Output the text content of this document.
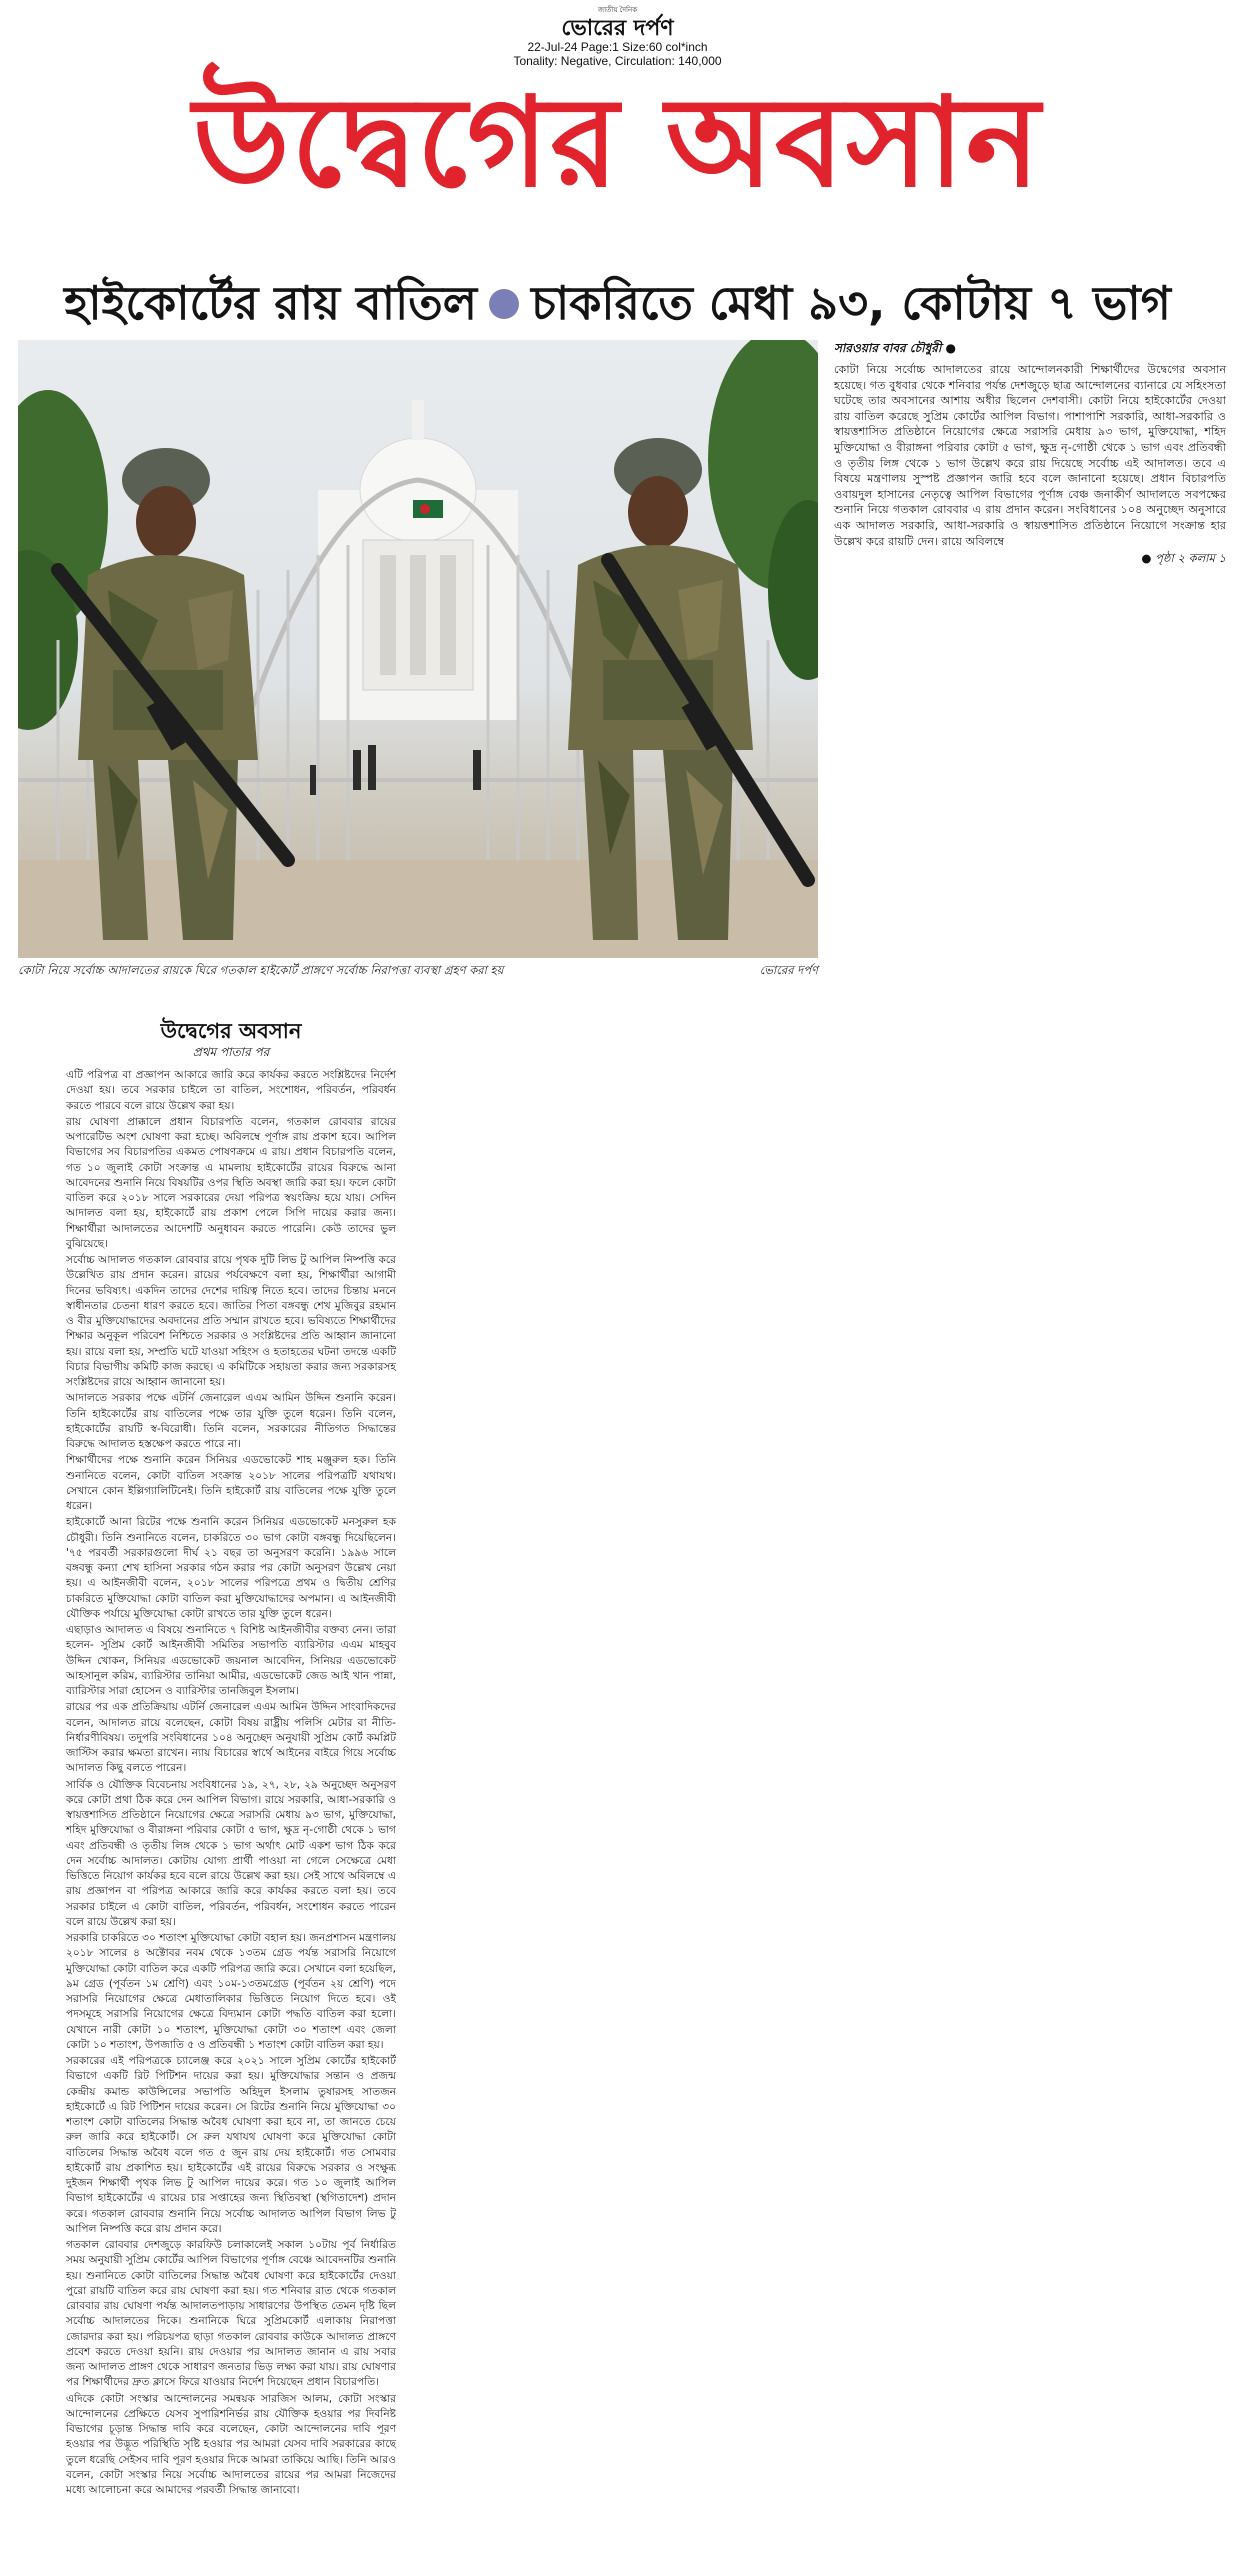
জাতীয় দৈনিক
ভোরের দর্পণ
22-Jul-24 Page:1 Size:60 col*inch
Tonality: Negative, Circulation: 140,000
উদ্বেগের অবসান
হাইকোর্টের রায় বাতিল চাকরিতে মেধা ৯৩, কোটায় ৭ ভাগ
কোটা নিয়ে সর্বোচ্চ আদালতের রায়কে ঘিরে গতকাল হাইকোর্ট প্রাঙ্গণে সর্বোচ্চ নিরাপত্তা ব্যবস্থা গ্রহণ করা হয়	ভোরের দর্পণ
সারওয়ার বাবর চৌধুরী ●
কোটা নিয়ে সর্বোচ্চ আদালতের রায়ে আন্দোলনকারী শিক্ষার্থীদের উদ্বেগের অবসান হয়েছে। গত বুধবার থেকে শনিবার পর্যন্ত দেশজুড়ে ছাত্র আন্দোলনের ব্যানারে যে সহিংসতা ঘটেছে তার অবসানের আশায় অধীর ছিলেন দেশবাসী। কোটা নিয়ে হাইকোর্টের দেওয়া রায় বাতিল করেছে সুপ্রিম কোর্টের আপিল বিভাগ। পাশাপাশি সরকারি, আধা-সরকারি ও স্বায়ত্তশাসিত প্রতিষ্ঠানে নিয়োগের ক্ষেত্রে সরাসরি মেধায় ৯৩ ভাগ, মুক্তিযোদ্ধা, শহিদ মুক্তিযোদ্ধা ও বীরাঙ্গনা পরিবার কোটা ৫ ভাগ, ক্ষুদ্র নৃ-গোষ্ঠী থেকে ১ ভাগ এবং প্রতিবন্ধী ও তৃতীয় লিঙ্গ থেকে ১ ভাগ উল্লেখ করে রায় দিয়েছে সর্বোচ্চ এই আদালত। তবে এ বিষয়ে মন্ত্রণালয় সুস্পষ্ট প্রজ্ঞাপন জারি হবে বলে জানানো হয়েছে। প্রধান বিচারপতি ওবায়দুল হাসানের নেতৃত্বে আপিল বিভাগের পূর্ণাঙ্গ বেঞ্চ জনাকীর্ণ আদালতে সবপক্ষের শুনানি নিয়ে গতকাল রোববার এ রায় প্রদান করেন। সংবিধানের ১০৪ অনুচ্ছেদ অনুসারে এক আদালত সরকারি, আধা-সরকারি ও স্বায়ত্তশাসিত প্রতিষ্ঠানে নিয়োগে সংক্রান্ত হার উল্লেখ করে রায়টি দেন। রায়ে অবিলম্বে
● পৃষ্ঠা ২ কলাম ১
উদ্বেগের অবসান
প্রথম পাতার পর
এটি পরিপত্র বা প্রজ্ঞাপন আকারে জারি করে কার্যকর করতে সংশ্লিষ্টদের নির্দেশ দেওয়া হয়। তবে সরকার চাইলে তা বাতিল, সংশোধন, পরিবর্তন, পরিবর্ধন করতে পারবে বলে রায়ে উল্লেখ করা হয়।
রায় ঘোষণা প্রাক্কালে প্রধান বিচারপতি বলেন, গতকাল রোববার রায়ের অপারেটিভ অংশ ঘোষণা করা হচ্ছে। অবিলম্বে পূর্ণাঙ্গ রায় প্রকাশ হবে। আপিল বিভাগের সব বিচারপতির একমত পোষণক্রমে এ রায়। প্রধান বিচারপতি বলেন, গত ১০ জুলাই কোটা সংক্রান্ত এ মামলায় হাইকোর্টের রায়ের বিরুদ্ধে আনা আবেদনের শুনানি নিয়ে বিষয়টির ওপর স্থিতি অবস্থা জারি করা হয়। ফলে কোটা বাতিল করে ২০১৮ সালে সরকারের দেয়া পরিপত্র স্বয়ংক্রিয় হয়ে যায়। সেদিন আদালত বলা হয়, হাইকোর্টে রায় প্রকাশ পেলে সিপি দায়ের করার জন্য। শিক্ষার্থীরা আদালতের আদেশটি অনুধাবন করতে পারেনি। কেউ তাদের ভুল বুঝিয়েছে।
সর্বোচ্চ আদালত গতকাল রোববার রায়ে পৃথক দুটি লিভ টু আপিল নিষ্পত্তি করে উল্লেখিত রায় প্রদান করেন। রায়ের পর্যবেক্ষণে বলা হয়, শিক্ষার্থীরা আগামী দিনের ভবিষ্যৎ। একদিন তাদের দেশের দায়িত্ব নিতে হবে। তাদের চিন্তায় মননে স্বাধীনতার চেতনা ধারণ করতে হবে। জাতির পিতা বঙ্গবন্ধু শেখ মুজিবুর রহমান ও বীর মুক্তিযোদ্ধাদের অবদানের প্রতি সম্মান রাখতে হবে। ভবিষ্যতে শিক্ষার্থীদের শিক্ষার অনুকূল পরিবেশ নিশ্চিতে সরকার ও সংশ্লিষ্টদের প্রতি আহ্বান জানানো হয়। রায়ে বলা হয়, সম্প্রতি ঘটে যাওয়া সহিংস ও হতাহতের ঘটনা তদন্তে একটি বিচার বিভাগীয় কমিটি কাজ করছে। এ কমিটিকে সহায়তা করার জন্য সরকারসহ সংশ্লিষ্টদের রায়ে আহ্বান জানানো হয়।
আদালতে সরকার পক্ষে এটর্নি জেনারেল এএম আমিন উদ্দিন শুনানি করেন। তিনি হাইকোর্টের রায় বাতিলের পক্ষে তার যুক্তি তুলে ধরেন। তিনি বলেন, হাইকোর্টের রায়টি স্ব-বিরোধী। তিনি বলেন, সরকারের নীতিগত সিদ্ধান্তের বিরুদ্ধে আদালত হস্তক্ষেপ করতে পারে না।
শিক্ষার্থীদের পক্ষে শুনানি করেন সিনিয়র এডভোকেট শাহ মঞ্জুরুল হক। তিনি শুনানিতে বলেন, কোটা বাতিল সংক্রান্ত ২০১৮ সালের পরিপত্রটি যথাযথ। সেখানে কোন ইল্লিগ্যালিটিনেই। তিনি হাইকোর্ট রায় বাতিলের পক্ষে যুক্তি তুলে ধরেন।
হাইকোর্টে আনা রিটের পক্ষে শুনানি করেন সিনিয়র এডভোকেট মনসুরুল হক চৌধুরী। তিনি শুনানিতে বলেন, চাকরিতে ৩০ ভাগ কোটা বঙ্গবন্ধু দিয়েছিলেন। '৭৫ পরবর্তী সরকারগুলো দীর্ঘ ২১ বছর তা অনুসরণ করেনি। ১৯৯৬ সালে বঙ্গবন্ধু কন্যা শেখ হাসিনা সরকার গঠন করার পর কোটা অনুসরণ উল্লেখ নেয়া হয়। এ আইনজীবী বলেন, ২০১৮ সালের পরিপত্রে প্রথম ও দ্বিতীয় শ্রেণির চাকরিতে মুক্তিযোদ্ধা কোটা বাতিল করা মুক্তিযোদ্ধাদের অপমান। এ আইনজীবী যৌক্তিক পর্যায়ে মুক্তিযোদ্ধা কোটা রাখতে তার যুক্তি তুলে ধরেন।
এছাড়াও আদালত এ বিষয়ে শুনানিতে ৭ বিশিষ্ট আইনজীবীর বক্তব্য নেন। তারা হলেন- সুপ্রিম কোর্ট আইনজীবী সমিতির সভাপতি ব্যারিস্টার এএম মাহবুব উদ্দিন খোকন, সিনিয়র এডভোকেট জয়নাল আবেদিন, সিনিয়র এডভোকেট আহসানুল করিম, ব্যারিস্টার তানিয়া আমীর, এডভোকেট জেড আই খান পান্না, ব্যারিস্টার সারা হোসেন ও ব্যারিস্টার তানজিবুল ইসলাম।
রায়ের পর এক প্রতিক্রিয়ায় এটর্নি জেনারেল এএম আমিন উদ্দিন সাংবাদিকদের বলেন, আদালত রায়ে বলেছেন, কোটা বিষয় রাষ্ট্রীয় পলিসি মেটার বা নীতি-নির্ধারণীবিষয়। তদুপরি সংবিধানের ১০৪ অনুচ্ছেদ অনুযায়ী সুপ্রিম কোর্ট কমপ্লিট জাস্টিস করার ক্ষমতা রাখেন। ন্যায় বিচারের স্বার্থে আইনের বাইরে গিয়ে সর্বোচ্চ আদালত কিছু বলতে পারেন।
সার্বিক ও যৌক্তিক বিবেচনায় সংবিধানের ১৯, ২৭, ২৮, ২৯ অনুচ্ছেদ অনুসরণ করে কোটা প্রথা ঠিক করে দেন আপিল বিভাগ। রায়ে সরকারি, আধা-সরকারি ও স্বায়ত্তশাসিত প্রতিষ্ঠানে নিয়োগের ক্ষেত্রে সরাসরি মেধায় ৯৩ ভাগ, মুক্তিযোদ্ধা, শহিদ মুক্তিযোদ্ধা ও বীরাঙ্গনা পরিবার কোটা ৫ ভাগ, ক্ষুদ্র নৃ-গোষ্ঠী থেকে ১ ভাগ এবং প্রতিবন্ধী ও তৃতীয় লিঙ্গ থেকে ১ ভাগ অর্থাৎ মোট একশ ভাগ ঠিক করে দেন সর্বোচ্চ আদালত। কোটায় যোগ্য প্রার্থী পাওয়া না গেলে সেক্ষেত্রে মেধা ভিত্তিতে নিয়োগ কার্যকর হবে বলে রায়ে উল্লেখ করা হয়। সেই সাথে অবিলম্বে এ রায় প্রজ্ঞাপন বা পরিপত্র আকারে জারি করে কার্যকর করতে বলা হয়। তবে সরকার চাইলে এ কোটা বাতিল, পরিবর্তন, পরিবর্ধন, সংশোধন করতে পারেন বলে রায়ে উল্লেখ করা হয়।
সরকারি চাকরিতে ৩০ শতাংশ মুক্তিযোদ্ধা কোটা বহাল হয়। জনপ্রশাসন মন্ত্রণালয় ২০১৮ সালের ৪ অক্টোবর নবম থেকে ১৩তম গ্রেড পর্যন্ত সরাসরি নিয়োগে মুক্তিযোদ্ধা কোটা বাতিল করে একটি পরিপত্র জারি করে। সেখানে বলা হয়েছিল, ৯ম গ্রেড (পূর্বতন ১ম শ্রেণি) এবং ১০ম-১৩তমগ্রেড (পূর্বতন ২য় শ্রেণি) পদে সরাসরি নিয়োগের ক্ষেত্রে মেধাতালিকার ভিত্তিতে নিয়োগ দিতে হবে। ওই পদসমূহে সরাসরি নিয়োগের ক্ষেত্রে বিদ্যমান কোটা পদ্ধতি বাতিল করা হলো। যেখানে নারী কোটা ১০ শতাংশ, মুক্তিযোদ্ধা কোটা ৩০ শতাংশ এবং জেলা কোটা ১০ শতাংশ, উপজাতি ৫ ও প্রতিবন্ধী ১ শতাংশ কোটা বাতিল করা হয়।
সরকারের এই পরিপত্রকে চ্যালেঞ্জ করে ২০২১ সালে সুপ্রিম কোর্টের হাইকোর্ট বিভাগে একটি রিট পিটিশন দায়ের করা হয়। মুক্তিযোদ্ধার সন্তান ও প্রজন্ম কেন্দ্রীয় কমান্ড কাউন্সিলের সভাপতি অহিদুল ইসলাম তুষারসহ সাতজন হাইকোর্টে এ রিট পিটিশন দায়ের করেন। সে রিটের শুনানি নিয়ে মুক্তিযোদ্ধা ৩০ শতাংশ কোটা বাতিলের সিদ্ধান্ত অবৈধ ঘোষণা করা হবে না, তা জানতে চেয়ে রুল জারি করে হাইকোর্ট। সে রুল যথাযথ ঘোষণা করে মুক্তিযোদ্ধা কোটা বাতিলের সিদ্ধান্ত অবৈধ বলে গত ৫ জুন রায় দেয় হাইকোর্ট। গত সোমবার হাইকোর্ট রায় প্রকাশিত হয়। হাইকোর্টের এই রায়ের বিরুদ্ধে সরকার ও সংক্ষুব্ধ দুইজন শিক্ষার্থী পৃথক লিভ টু আপিল দায়ের করে। গত ১০ জুলাই আপিল বিভাগ হাইকোর্টের এ রায়ের চার সপ্তাহের জন্য স্থিতিবস্থা (স্থগিতাদেশ) প্রদান করে। গতকাল রোববার শুনানি নিয়ে সর্বোচ্চ আদালত আপিল বিভাগ লিভ টু আপিল নিষ্পত্তি করে রায় প্রদান করে।
গতকাল রোববার দেশজুড়ে কারফিউ চলাকালেই সকাল ১০টায় পূর্ব নির্ধারিত সময় অনুযায়ী সুপ্রিম কোর্টের আপিল বিভাগের পূর্ণাঙ্গ বেঞ্চে আবেদনটির শুনানি হয়। শুনানিতে কোটা বাতিলের সিদ্ধান্ত অবৈধ ঘোষণা করে হাইকোর্টের দেওয়া পুরো রায়টি বাতিল করে রায় ঘোষণা করা হয়। গত শনিবার রাত থেকে গতকাল রোববার রায় ঘোষণা পর্যন্ত আদালতপাড়ায় সাধারণের উপস্থিত তেমন দৃষ্টি ছিল সর্বোচ্চ আদালতের দিকে। শুনানিকে ঘিরে সুপ্রিমকোর্ট এলাকায় নিরাপত্তা জোরদার করা হয়। পরিচয়পত্র ছাড়া গতকাল রোববার কাউকে আদালত প্রাঙ্গণে প্রবেশ করতে দেওয়া হয়নি। রায় দেওয়ার পর আদালত জানান এ রায় সবার জন্য আদালত প্রাঙ্গণ থেকে সাধারণ জনতার ভিড় লক্ষ্য করা যায়। রায় ঘোষণার পর শিক্ষার্থীদের দ্রুত ক্লাসে ফিরে যাওয়ার নির্দেশ দিয়েছেন প্রধান বিচারপতি।
এদিকে কোটা সংস্কার আন্দোলনের সমন্বয়ক সারজিস আলম, কোটা সংস্কার আন্দোলনের প্রেক্ষিতে যেসব সুপারিশনির্ভর রায় যৌক্তিক হওয়ার পর দিবনিষ্ট বিভাগের চূড়ান্ত সিদ্ধান্ত দাবি করে বলেছেন, কোটা আন্দোলনের দাবি পূরণ হওয়ার পর উদ্ভূত পরিস্থিতি সৃষ্টি হওয়ার পর আমরা যেসব দাবি সরকারের কাছে তুলে ধরেছি সেইসব দাবি পূরণ হওয়ার দিকে আমরা তাকিয়ে আছি। তিনি আরও বলেন, কোটা সংস্কার নিয়ে সর্বোচ্চ আদালতের রায়ের পর আমরা নিজেদের মধ্যে আলোচনা করে আমাদের পরবর্তী সিদ্ধান্ত জানাবো।
